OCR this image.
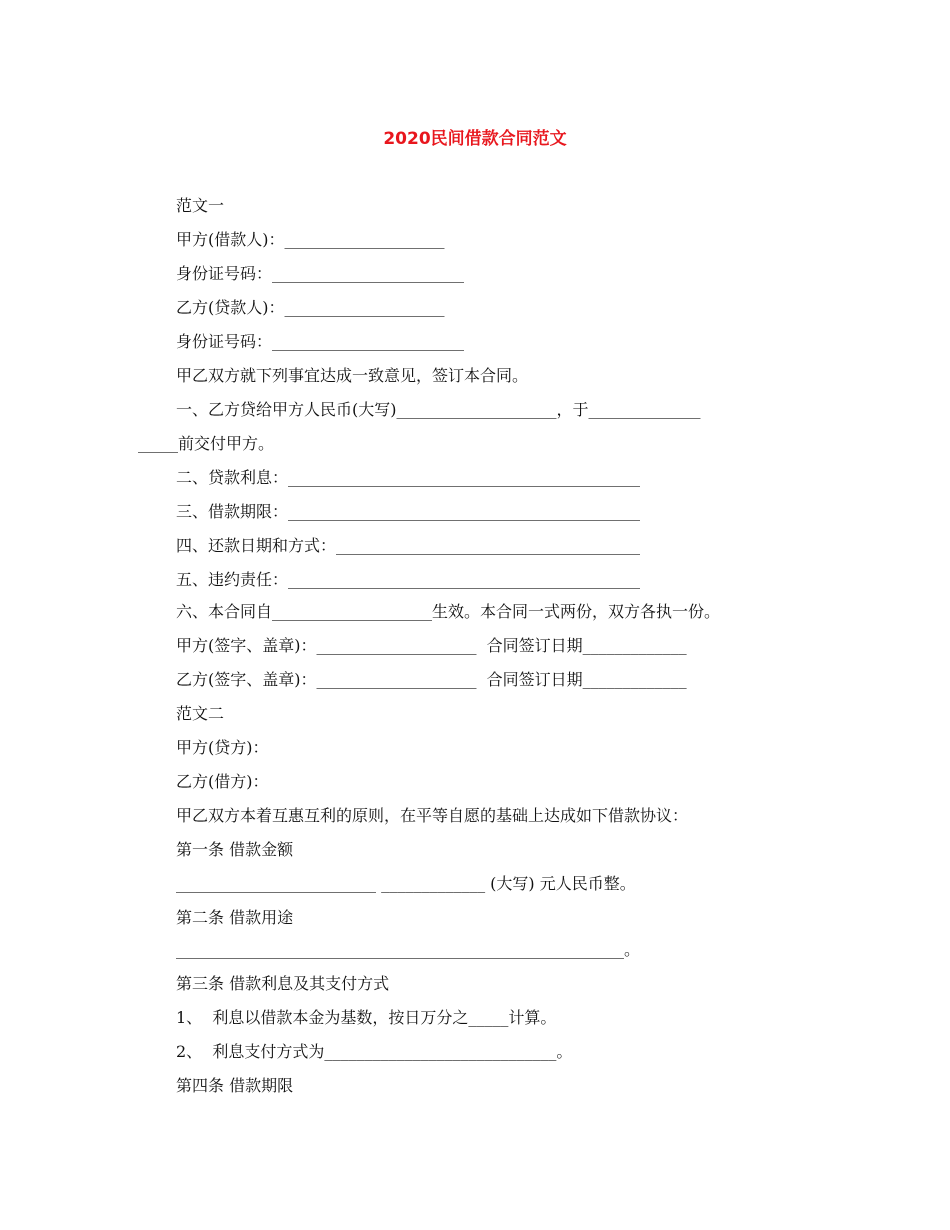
2020民间借款合同范文

范文一

甲方(借款人)：____________________

身份证号码：________________________

乙方(贷款人)：____________________

身份证号码：________________________

甲乙双方就下列事宜达成一致意见，签订本合同。

一、乙方贷给甲方人民币(大写)____________________，于______________

_____前交付甲方。

二、贷款利息：____________________________________________

三、借款期限：____________________________________________

四、还款日期和方式：______________________________________

五、违约责任：____________________________________________

六、本合同自____________________生效。本合同一式两份，双方各执一份。

甲方(签字、盖章)：____________________  合同签订日期_____________

乙方(签字、盖章)：____________________  合同签订日期_____________

范文二

甲方(贷方)：

乙方(借方)：

甲乙双方本着互惠互利的原则，在平等自愿的基础上达成如下借款协议：

第一条 借款金额

_________________________ _____________ (大写) 元人民币整。

第二条 借款用途

________________________________________________________。

第三条 借款利息及其支付方式

1、  利息以借款本金为基数，按日万分之_____计算。

2、  利息支付方式为_____________________________。

第四条 借款期限
